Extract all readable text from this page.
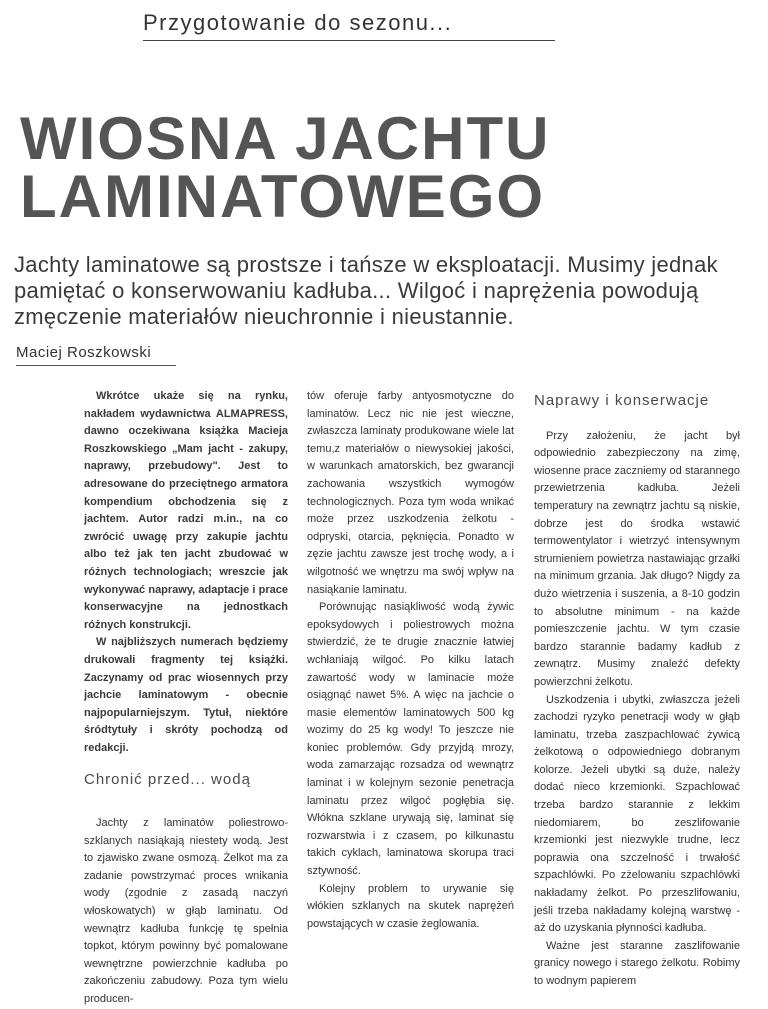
Przygotowanie do sezonu...
WIOSNA JACHTU
LAMINATOWEGO
Jachty laminatowe są prostsze i tańsze w eksploatacji. Musimy jednak pamiętać o konserwowaniu kadłuba... Wilgoć i naprężenia powodują zmęczenie materiałów nieuchronnie i nieustannie.
Maciej Roszkowski

Wkrótce ukaże się na rynku, nakładem wydawnictwa ALMAPRESS, dawno oczekiwana książka Macieja Roszkowskiego „Mam jacht - zakupy, naprawy, przebudowy". Jest to adresowane do przeciętnego armatora kompendium obchodzenia się z jachtem. Autor radzi m.in., na co zwrócić uwagę przy zakupie jachtu albo też jak ten jacht zbudować w różnych technologiach; wreszcie jak wykonywać naprawy, adaptacje i prace konserwacyjne na jednostkach różnych konstrukcji.

W najbliższych numerach będziemy drukowali fragmenty tej książki. Zaczynamy od prac wiosennych przy jachcie laminatowym - obecnie najpopularniejszym. Tytuł, niektóre śródtytuły i skróty pochodzą od redakcji.

Chronić przed... wodą

Jachty z laminatów poliestrowo-szklanych nasiąkają niestety wodą. Jest to zjawisko zwane osmozą. Żelkot ma za zadanie powstrzymać proces wnikania wody (zgodnie z zasadą naczyń włoskowatych) w głąb laminatu. Od wewnątrz kadłuba funkcję tę spełnia topkot, którym powinny być pomalowane wewnętrzne powierzchnie kadłuba po zakończeniu zabudowy. Poza tym wielu producen-

tów oferuje farby antyosmotyczne do laminatów. Lecz nic nie jest wieczne, zwłaszcza laminaty produkowane wiele lat temu,z materiałów o niewysokiej jakości, w warunkach amatorskich, bez gwarancji zachowania wszystkich wymogów technologicznych. Poza tym woda wnikać może przez uszkodzenia żelkotu - odpryski, otarcia, pęknięcia. Ponadto w zęzie jachtu zawsze jest trochę wody, a i wilgotność we wnętrzu ma swój wpływ na nasiąkanie laminatu.

Porównując nasiąkliwość wodą żywic epoksydowych i poliestrowych można stwierdzić, że te drugie znacznie łatwiej wchłaniają wilgoć. Po kilku latach zawartość wody w laminacie może osiągnąć nawet 5%. A więc na jachcie o masie elementów laminatowych 500 kg wozimy do 25 kg wody! To jeszcze nie koniec problemów. Gdy przyjdą mrozy, woda zamarzając rozsadza od wewnątrz laminat i w kolejnym sezonie penetracja laminatu przez wilgoć pogłębia się. Włókna szklane urywają się, laminat się rozwarstwia i z czasem, po kilkunastu takich cyklach, laminatowa skorupa traci sztywność.

Kolejny problem to urywanie się włókien szklanych na skutek naprężeń powstających w czasie żeglowania.

Naprawy i konserwacje

Przy założeniu, że jacht był odpowiednio zabezpieczony na zimę, wiosenne prace zaczniemy od starannego przewietrzenia kadłuba. Jeżeli temperatury na zewnątrz jachtu są niskie, dobrze jest do środka wstawić termowentylator i wietrzyć intensywnym strumieniem powietrza nastawiając grzałki na minimum grzania. Jak długo? Nigdy za dużo wietrzenia i suszenia, a 8-10 godzin to absolutne minimum - na każde pomieszczenie jachtu. W tym czasie bardzo starannie badamy kadłub z zewnątrz. Musimy znaleźć defekty powierzchni żelkotu.

Uszkodzenia i ubytki, zwłaszcza jeżeli zachodzi ryzyko penetracji wody w głąb laminatu, trzeba zaszpachlować żywicą żelkotową o odpowiedniego dobranym kolorze. Jeżeli ubytki są duże, należy dodać nieco krzemionki. Szpachlować trzeba bardzo starannie z lekkim niedomiarem, bo zeszlifowanie krzemionki jest niezwykle trudne, lecz poprawia ona szczelność i trwałość szpachlówki. Po zżelowaniu szpachlówki nakładamy żelkot. Po przeszlifowaniu, jeśli trzeba nakładamy kolejną warstwę - aż do uzyskania płynności kadłuba.

Ważne jest staranne zaszlifowanie granicy nowego i starego żelkotu. Robimy to wodnym papierem
